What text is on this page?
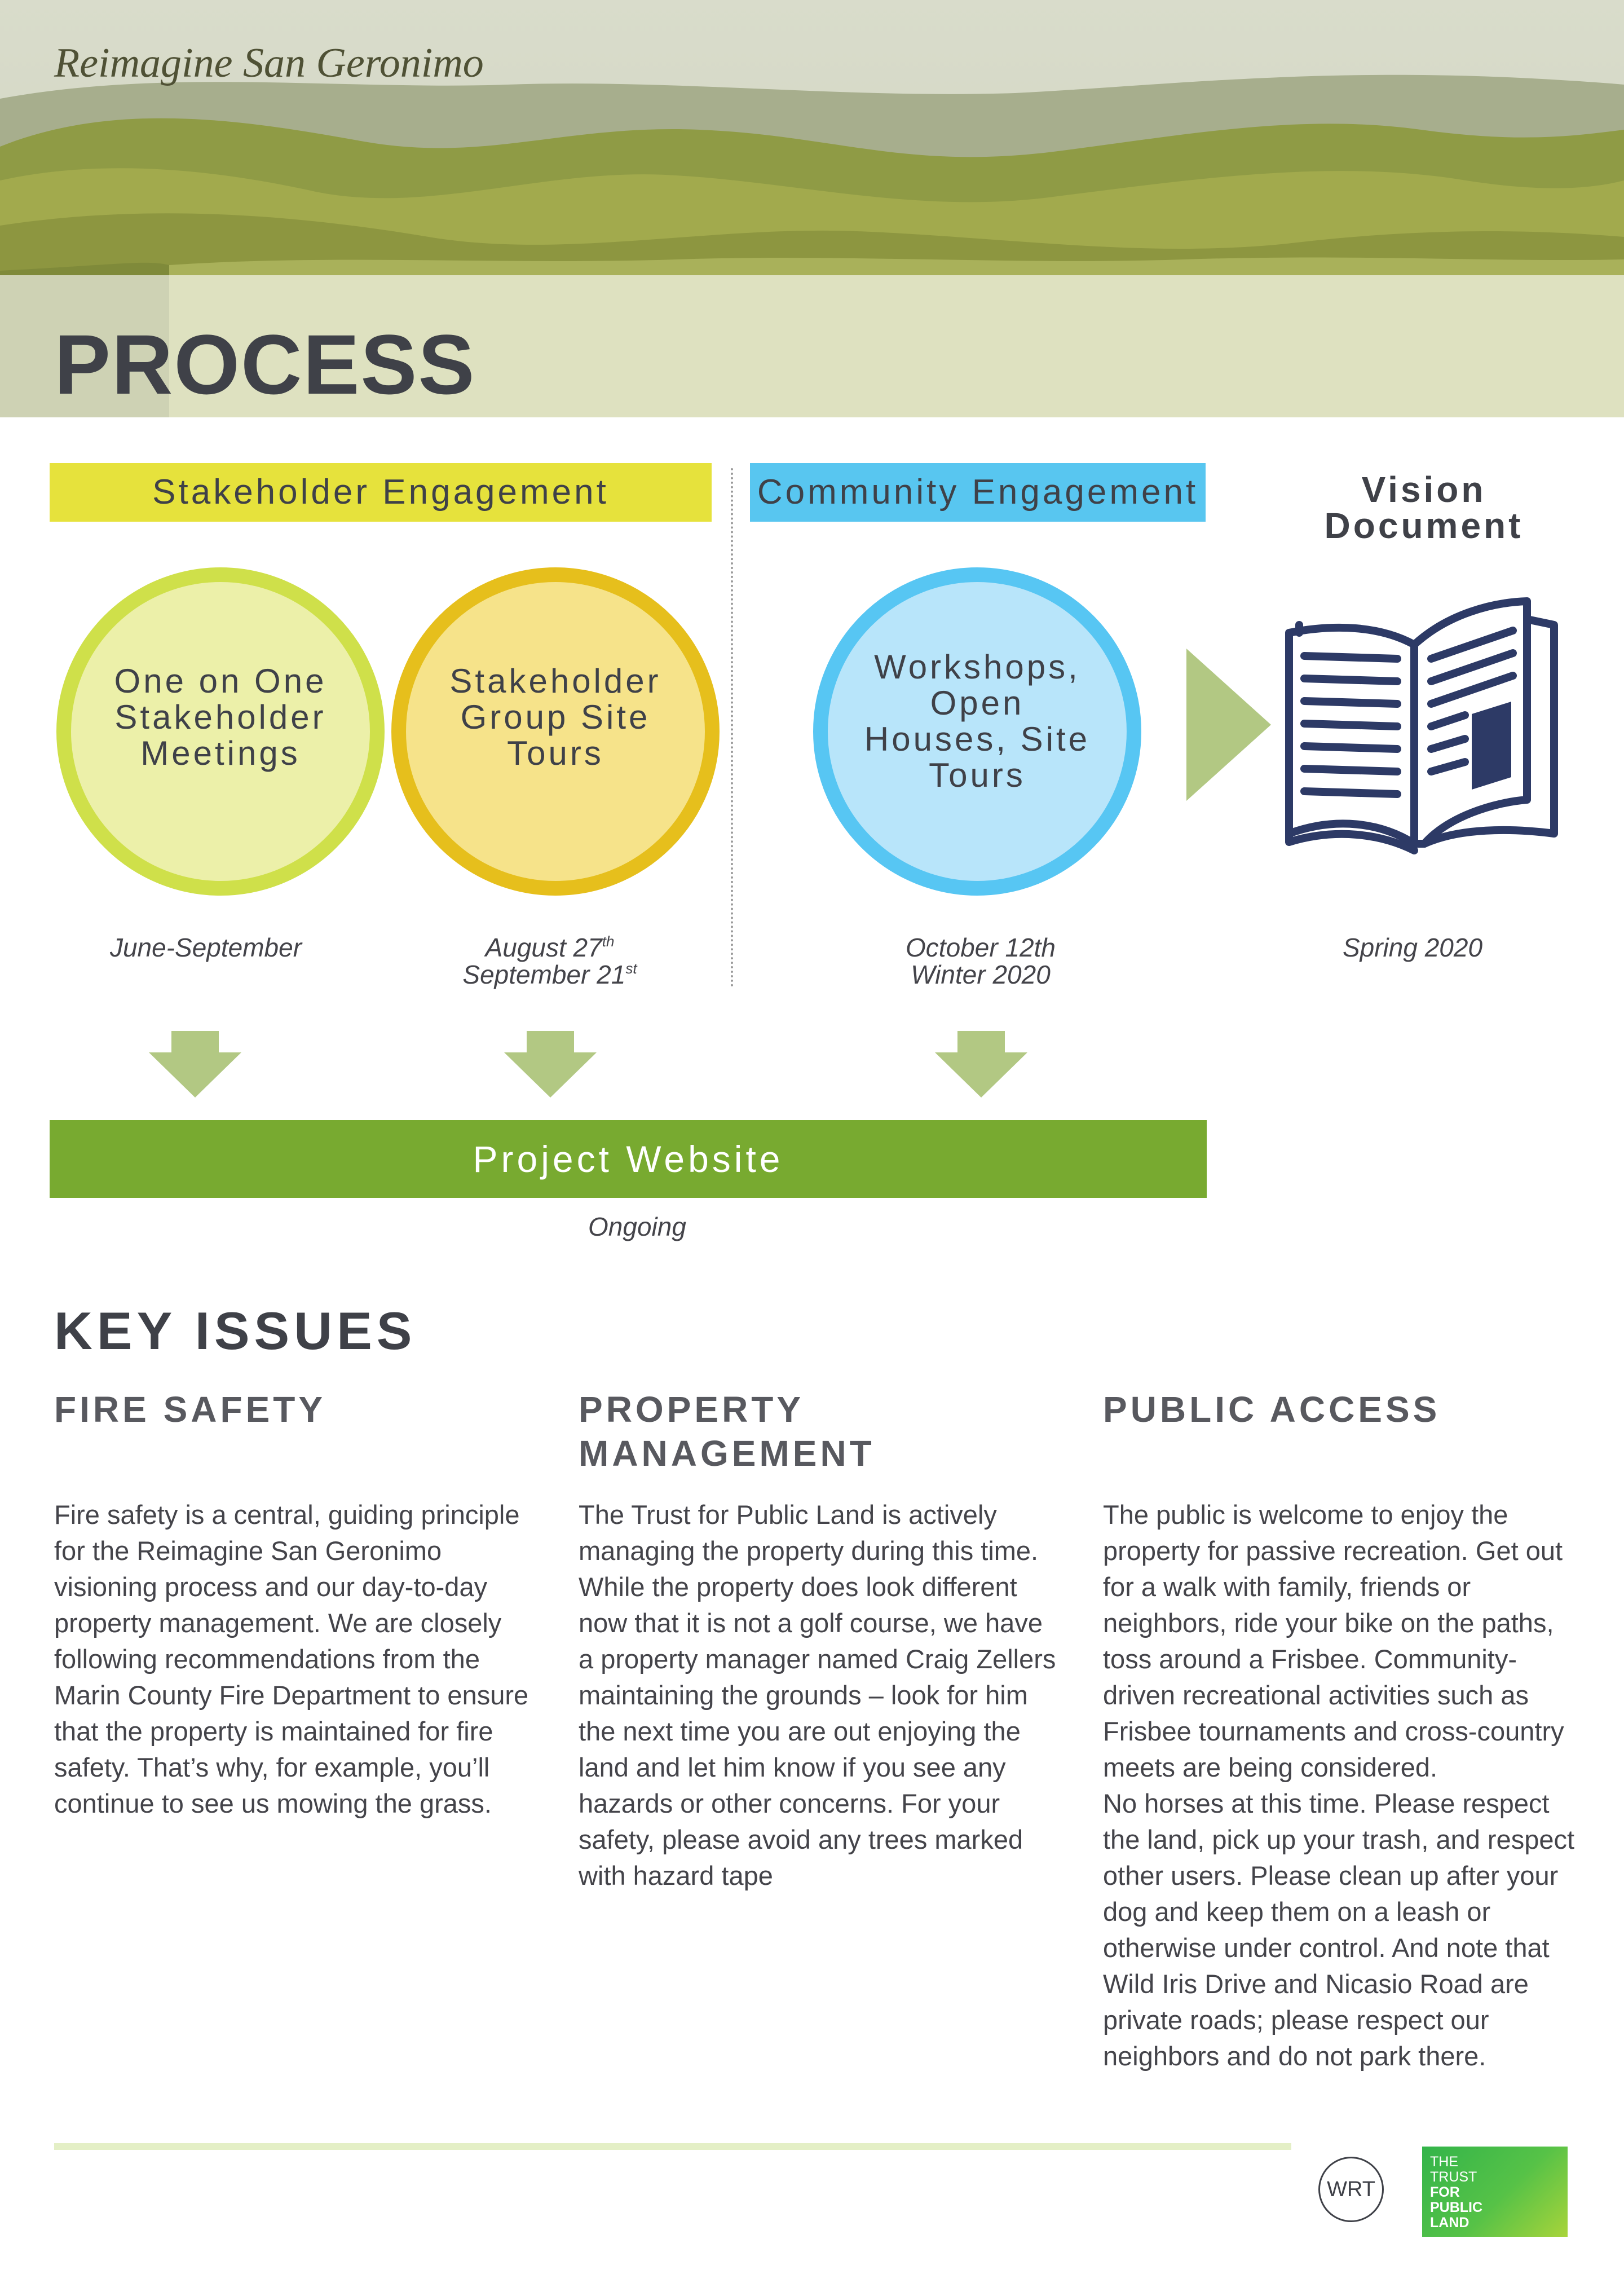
Reimagine San Geronimo
PROCESS
Stakeholder Engagement	Community Engagement	Vision
Document
One on One
Stakeholder
Meetings
Stakeholder
Group Site
Tours
Workshops,
Open
Houses, Site
Tours
June-September	August 27th
September 21st
October 12th
Winter 2020
Spring 2020
Project Website
Ongoing
KEY ISSUES
FIRE SAFETY
Fire safety is a central, guiding principle for the Reimagine San Geronimo visioning process and our day-to-day property management. We are closely following recommendations from the Marin County Fire Department to ensure that the property is maintained for fire safety. That’s why, for example, you’ll continue to see us mowing the grass.
PROPERTY
MANAGEMENT
The Trust for Public Land is actively managing the property during this time. While the property does look different now that it is not a golf course, we have a property manager named Craig Zellers maintaining the grounds – look for him the next time you are out enjoying the land and let him know if you see any hazards or other concerns. For your safety, please avoid any trees marked with hazard tape
PUBLIC ACCESS

The public is welcome to enjoy the property for passive recreation. Get out for a walk with family, friends or neighbors, ride your bike on the paths, toss around a Frisbee. Community-driven recreational activities such as Frisbee tournaments and cross-country meets are being considered.

No horses at this time. Please respect the land, pick up your trash, and respect other users. Please clean up after your dog and keep them on a leash or otherwise under control. And note that Wild Iris Drive and Nicasio Road are private roads; please respect our neighbors and do not park there.

WRT
THE
TRUST
FOR
PUBLIC
LAND
